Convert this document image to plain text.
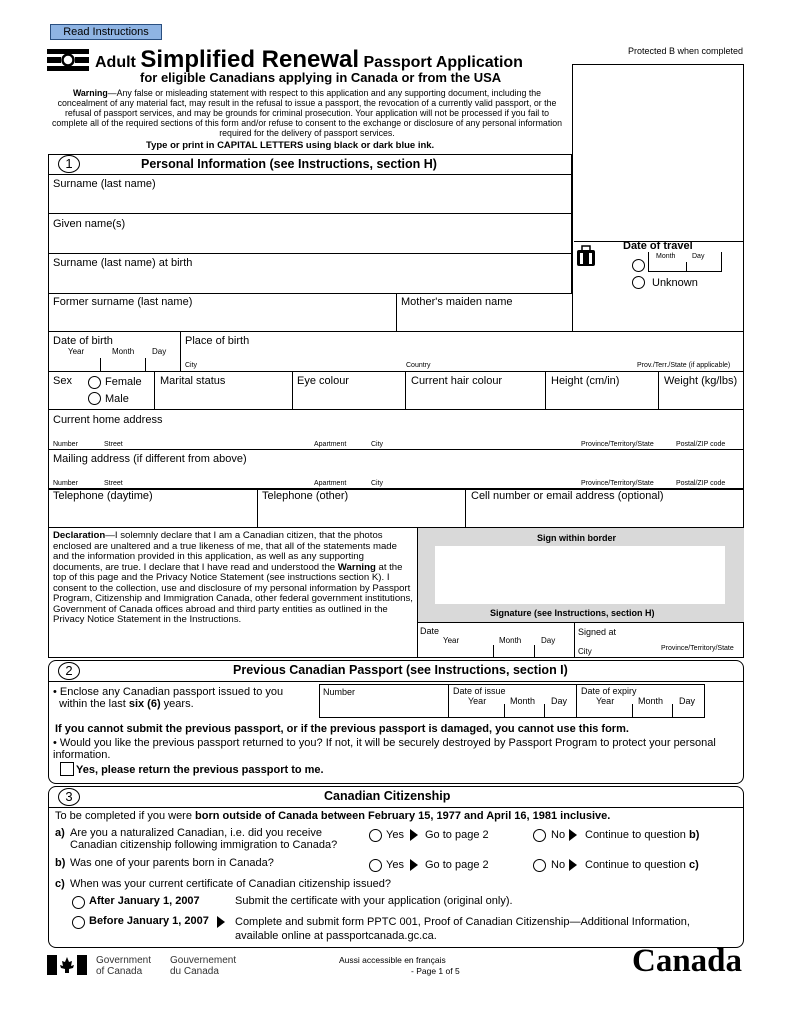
Read Instructions
Protected B when completed
Adult Simplified Renewal Passport Application
for eligible Canadians applying in Canada or from the USA
Warning—Any false or misleading statement with respect to this application and any supporting document, including the concealment of any material fact, may result in the refusal to issue a passport, the revocation of a currently valid passport, or the refusal of passport services, and may be grounds for criminal prosecution. Your application will not be processed if you fail to complete all of the required sections of this form and/or refuse to consent to the exchange or disclosure of any personal information required for the delivery of passport services.
Type or print in CAPITAL LETTERS using black or dark blue ink.
1	Personal Information (see Instructions, section H)
Surname (last name)
Given name(s)
Surname (last name) at birth
Date of travel
Month Day
Unknown
Former surname (last name)	Mother's maiden name
Date of birth
Year	Month Day
Place of birth
City	Country	Prov./Terr./State (if applicable)
Sex	Female
Male
Marital status	Eye colour	Current hair colour	Height (cm/in)	Weight (kg/lbs)
Current home address
Number	Street	Apartment	City	Province/Territory/State	Postal/ZIP code
Mailing address (if different from above)
Number	Street	Apartment	City	Province/Territory/State	Postal/ZIP code
Telephone (daytime)	Telephone (other)	Cell number or email address (optional)
Declaration—I solemnly declare that I am a Canadian citizen, that the photos enclosed are unaltered and a true likeness of me, that all of the statements made and the information provided in this application, as well as any supporting documents, are true. I declare that I have read and understood the Warning at the top of this page and the Privacy Notice Statement (see instructions section K). I consent to the collection, use and disclosure of my personal information by Passport Program, Citizenship and Immigration Canada, other federal government institutions, Government of Canada offices abroad and third party entities as outlined in the Privacy Notice Statement in the Instructions.
Sign within border
Signature (see Instructions, section H)
Date
Year	Month Day
Signed at
City	Province/Territory/State
2	Previous Canadian Passport (see Instructions, section I)
• Enclose any Canadian passport issued to you
within the last six (6) years.
Number	Date of issue
Year	Month Day
Date of expiry
Year	Month Day
If you cannot submit the previous passport, or if the previous passport is damaged, you cannot use this form.
• Would you like the previous passport returned to you? If not, it will be securely destroyed by Passport Program to protect your personal information.
Yes, please return the previous passport to me.
3	Canadian Citizenship
To be completed if you were born outside of Canada between February 15, 1977 and April 16, 1981 inclusive.
a) Are you a naturalized Canadian, i.e. did you receive Canadian citizenship following immigration to Canada?
Yes Go to page 2	No Continue to question b)
b) Was one of your parents born in Canada?	Yes Go to page 2	No Continue to question c)
c) When was your current certificate of Canadian citizenship issued?
After January 1, 2007	Submit the certificate with your application (original only).
Before January 1, 2007 Complete and submit form PPTC 001, Proof of Canadian Citizenship—Additional Information, available online at passportcanada.gc.ca.
Government
of Canada
Gouvernement
du Canada
Aussi accessible en français
- Page 1 of 5	Canada
